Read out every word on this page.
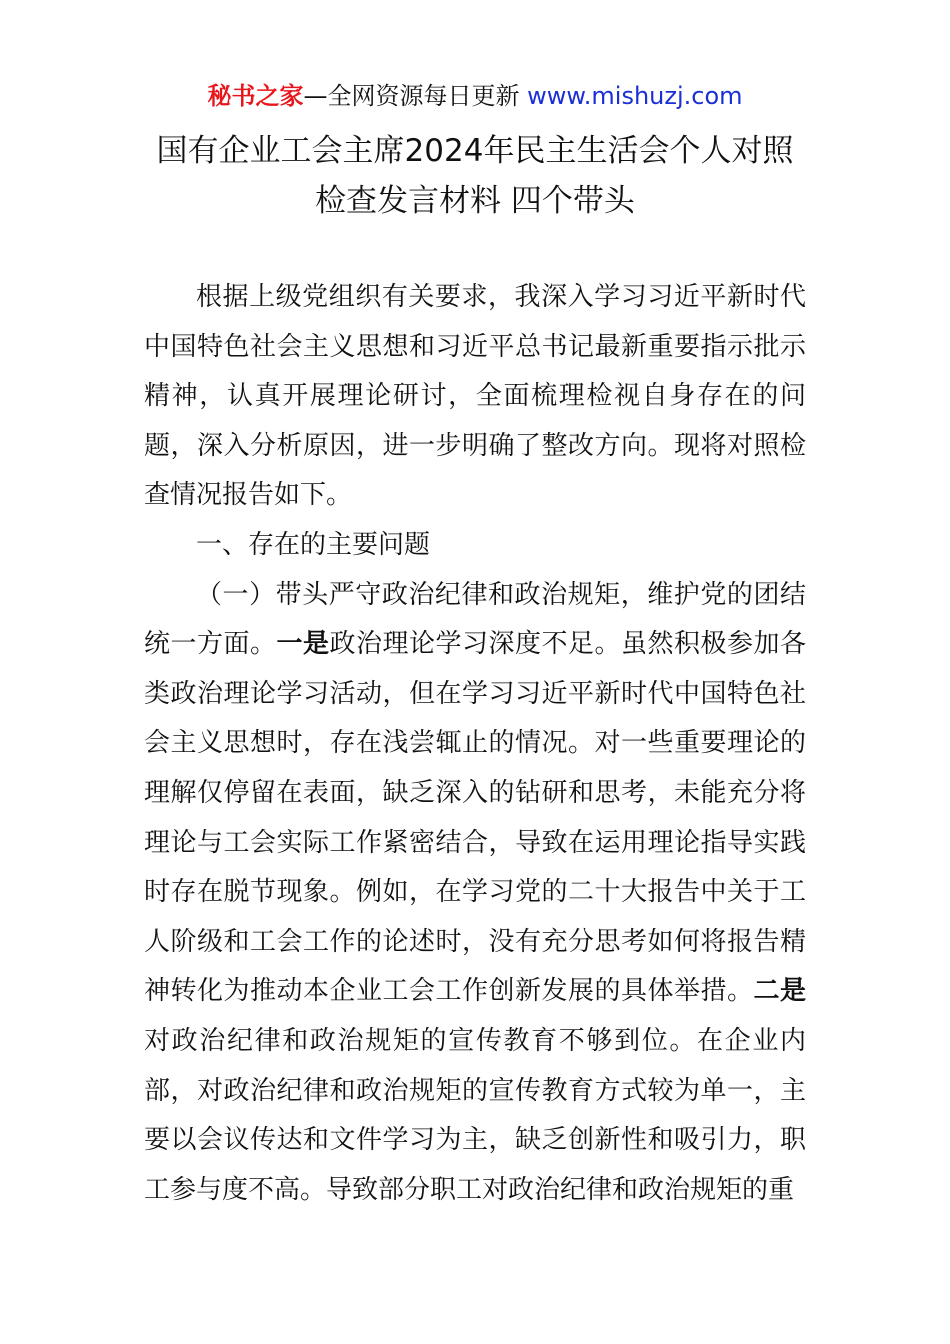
秘书之家—全网资源每日更新 www.mishuzj.com
国有企业工会主席2024年民主生活会个人对照
检查发言材料 四个带头

根据上级党组织有关要求，我深入学习习近平新时代中国特色社会主义思想和习近平总书记最新重要指示批示精神，认真开展理论研讨，全面梳理检视自身存在的问题，深入分析原因，进一步明确了整改方向。现将对照检查情况报告如下。

一、存在的主要问题

（一）带头严守政治纪律和政治规矩，维护党的团结统一方面。一是政治理论学习深度不足。虽然积极参加各类政治理论学习活动，但在学习习近平新时代中国特色社会主义思想时，存在浅尝辄止的情况。对一些重要理论的理解仅停留在表面，缺乏深入的钻研和思考，未能充分将理论与工会实际工作紧密结合，导致在运用理论指导实践时存在脱节现象。例如，在学习党的二十大报告中关于工人阶级和工会工作的论述时，没有充分思考如何将报告精神转化为推动本企业工会工作创新发展的具体举措。二是对政治纪律和政治规矩的宣传教育不够到位。在企业内部，对政治纪律和政治规矩的宣传教育方式较为单一，主要以会议传达和文件学习为主，缺乏创新性和吸引力，职工参与度不高。导致部分职工对政治纪律和政治规矩的重
